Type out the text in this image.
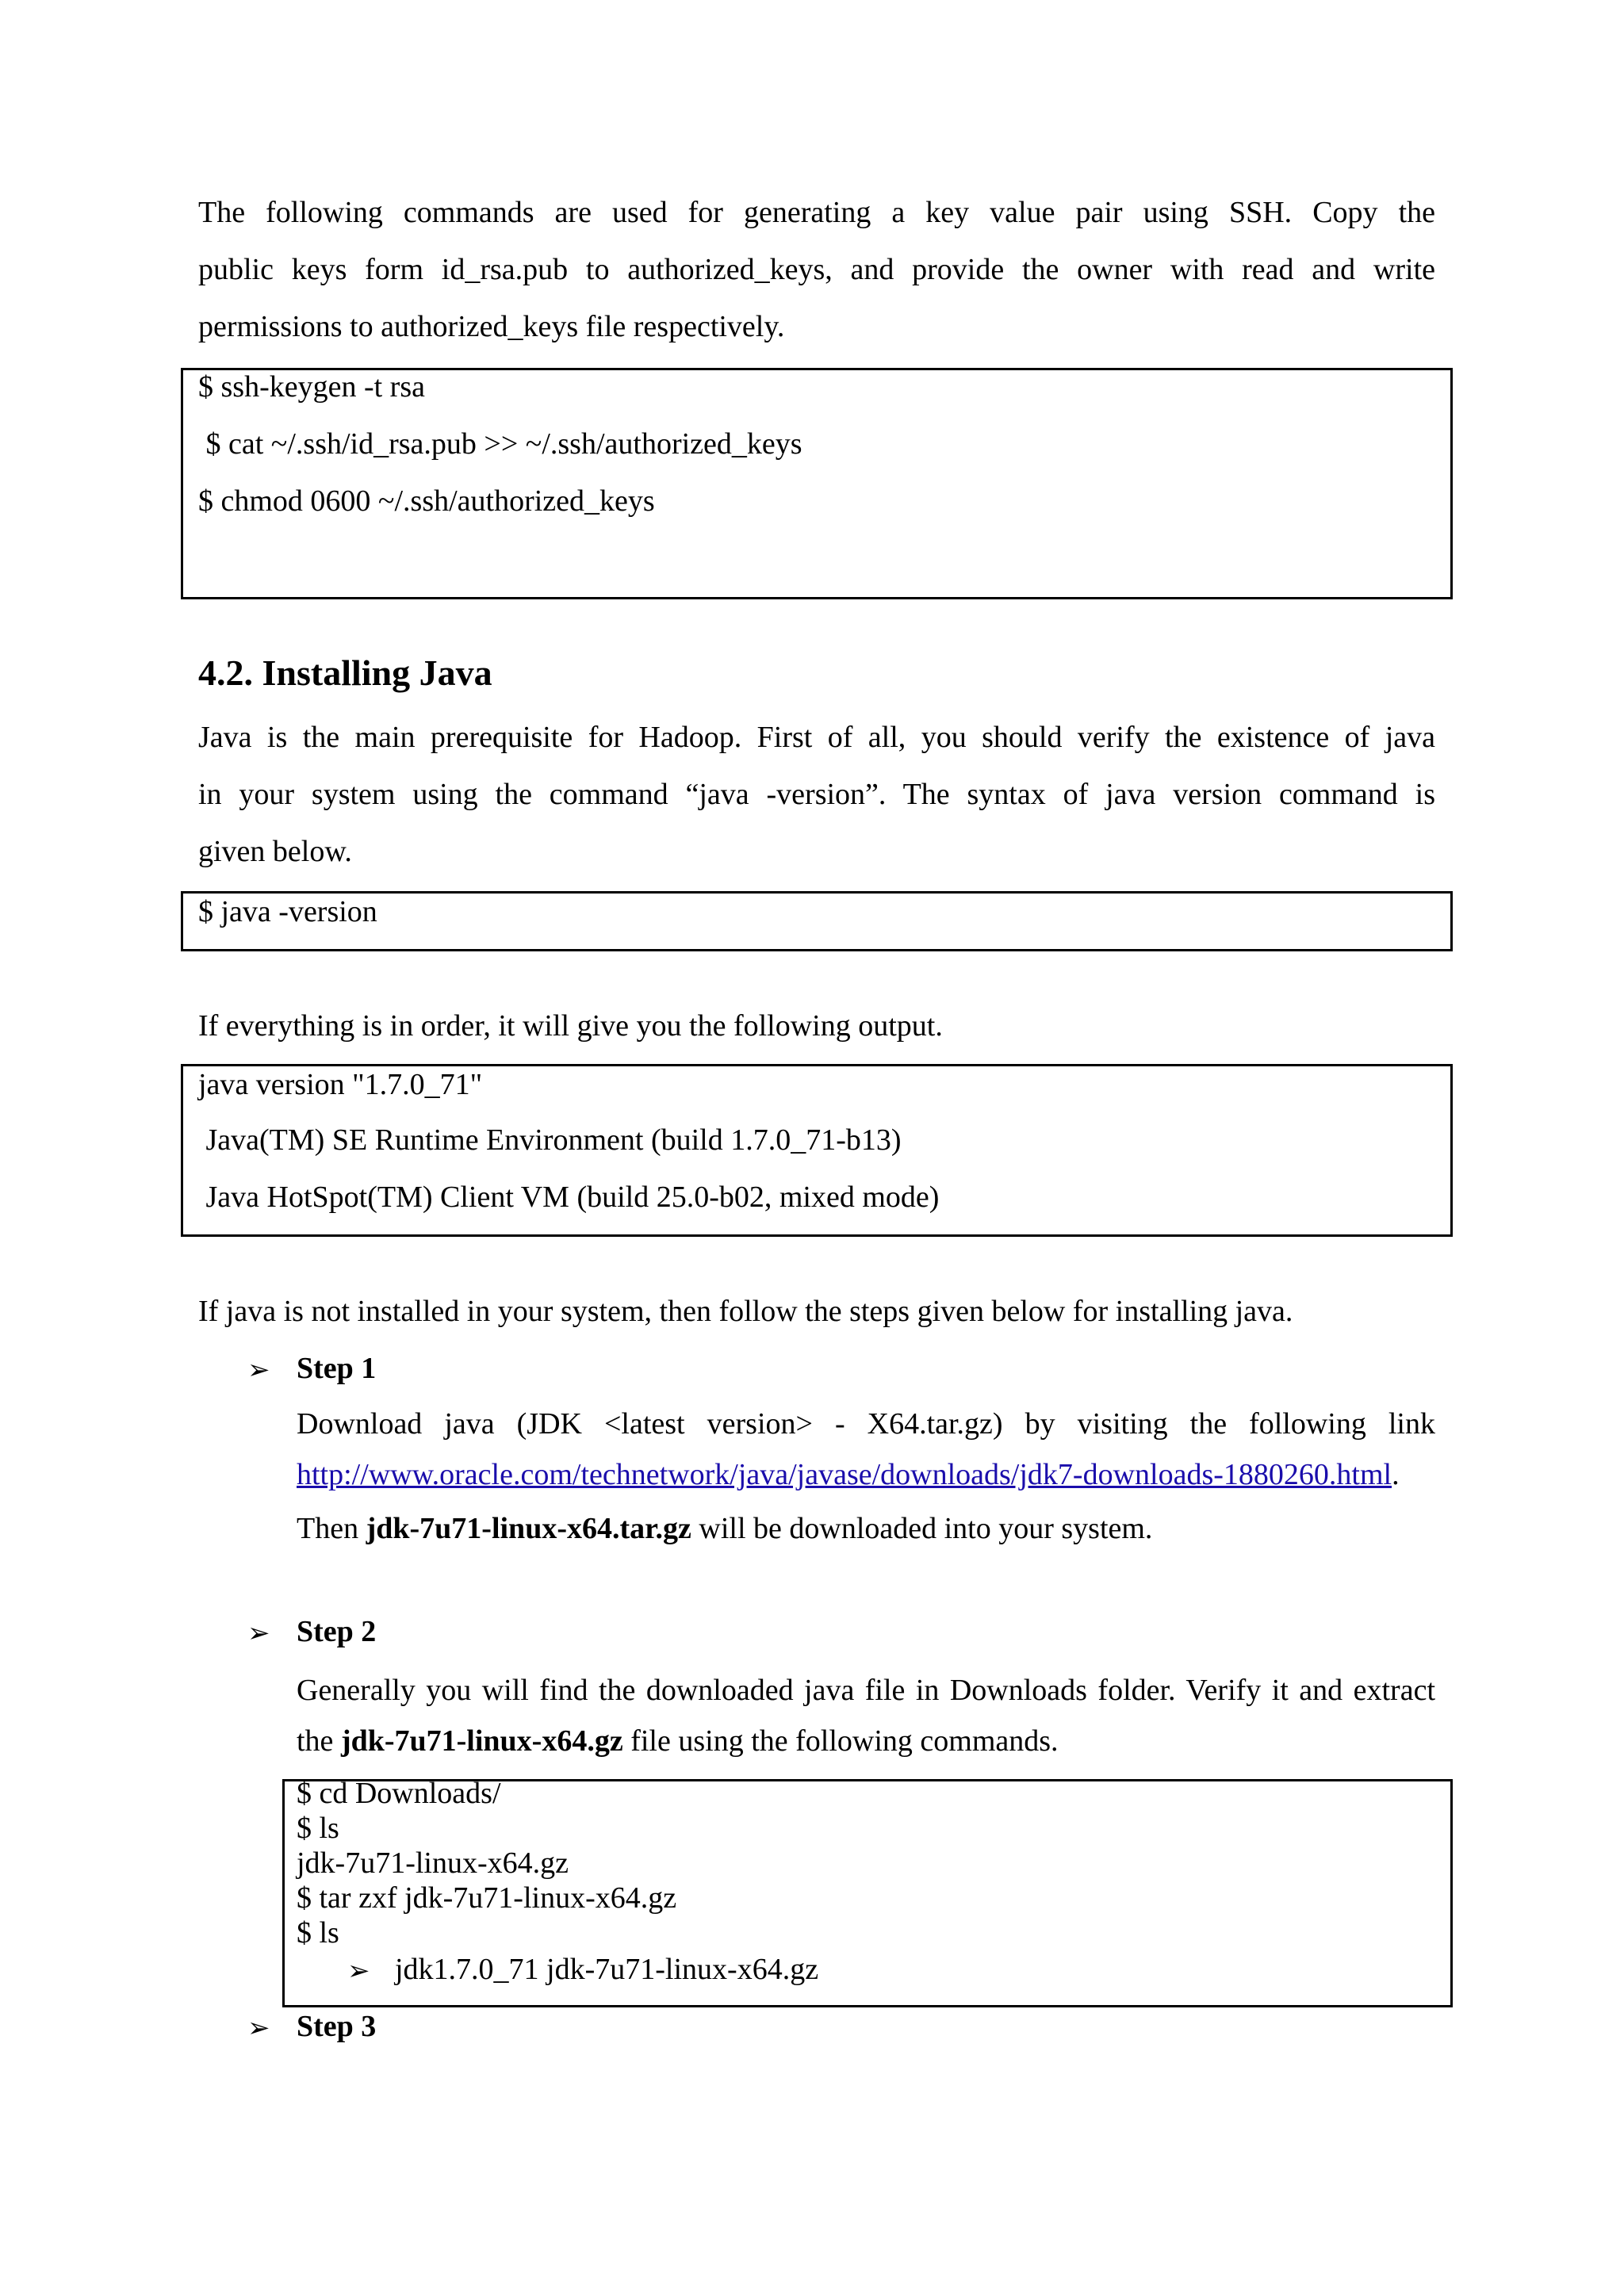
The following commands are used for generating a key value pair using SSH. Copy the
public keys form id_rsa.pub to authorized_keys, and provide the owner with read and write
permissions to authorized_keys file respectively.
$ ssh-keygen -t rsa
$ cat ~/.ssh/id_rsa.pub >> ~/.ssh/authorized_keys
$ chmod 0600 ~/.ssh/authorized_keys
4.2. Installing Java
Java is the main prerequisite for Hadoop. First of all, you should verify the existence of java
in your system using the command “java -version”. The syntax of java version command is
given below.
$ java -version
If everything is in order, it will give you the following output.
java version "1.7.0_71"
Java(TM) SE Runtime Environment (build 1.7.0_71-b13)
Java HotSpot(TM) Client VM (build 25.0-b02, mixed mode)
If java is not installed in your system, then follow the steps given below for installing java.
➢ Step 1
Download java (JDK <latest version> - X64.tar.gz) by visiting the following link
http://www.oracle.com/technetwork/java/javase/downloads/jdk7-downloads-1880260.html.
Then jdk-7u71-linux-x64.tar.gz will be downloaded into your system.
➢ Step 2
Generally you will find the downloaded java file in Downloads folder. Verify it and extract
the jdk-7u71-linux-x64.gz file using the following commands.
$ cd Downloads/
$ ls
jdk-7u71-linux-x64.gz
$ tar zxf jdk-7u71-linux-x64.gz
$ ls
➢ jdk1.7.0_71 jdk-7u71-linux-x64.gz
➢ Step 3
